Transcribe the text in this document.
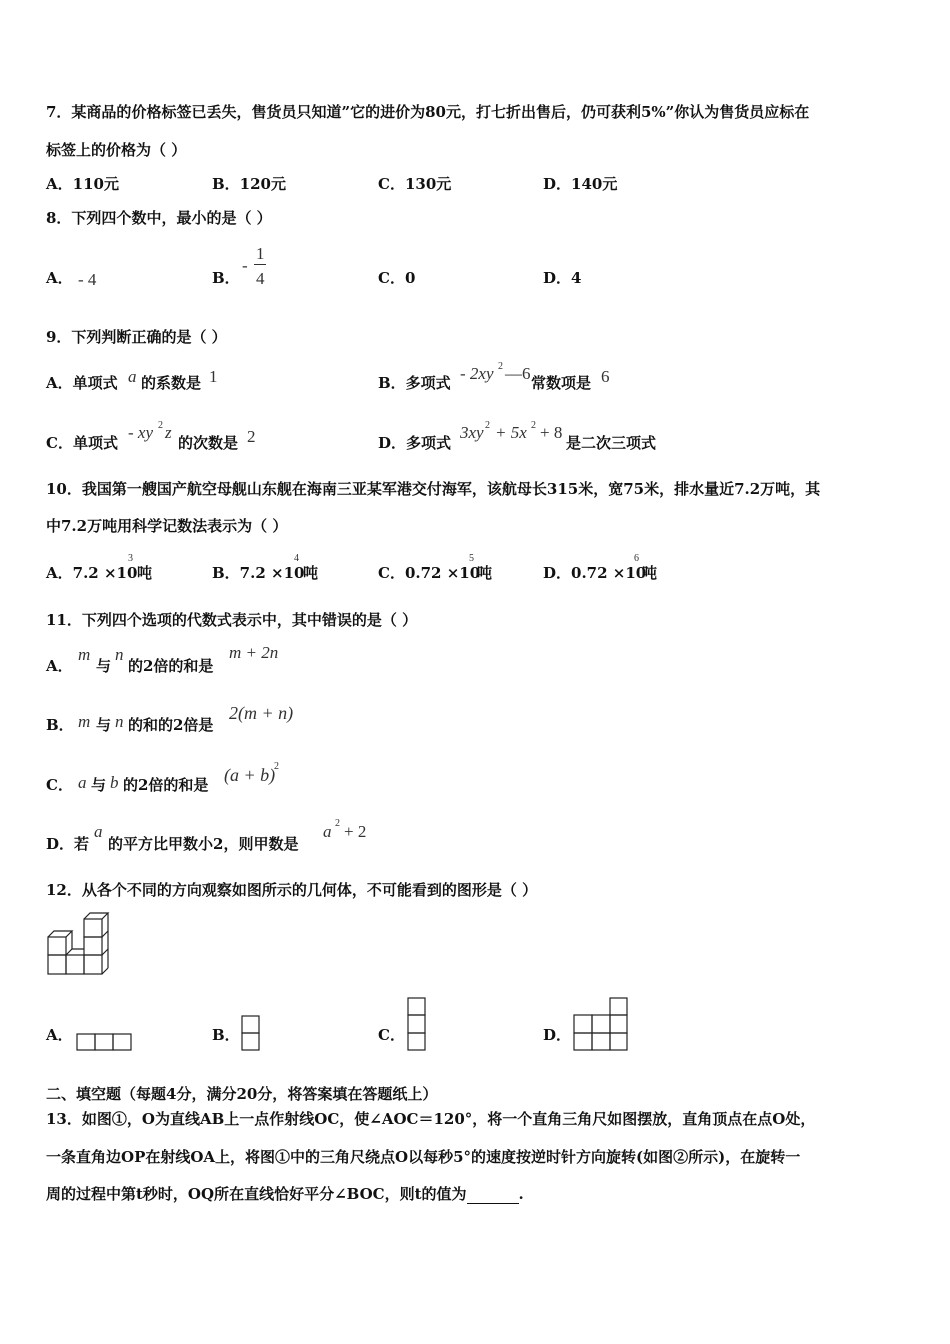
7．某商品的价格标签已丢失，售货员只知道”它的进价为80元，打七折出售后，仍可获利5%”你认为售货员应标在
标签上的价格为（ ）
A．110元	B．120元	C．130元	D．140元
8．下列四个数中，最小的是（ ）
A． - 4	B．
-
1
4	C．0	D．4
9．下列判断正确的是（ ）
A．单项式 a 的系数是 1	B．多项式 - 2xy 2 —6 常数项是 6
C．单项式
- xy 2 z
的次数是 2	D．多项式
3xy 2 + 5x 2 + 8
是二次三项式
10．我国第一艘国产航空母舰山东舰在海南三亚某军港交付海军，该航母长315米，宽75米，排水量近7.2万吨，其
中7.2万吨用科学记数法表示为（ ）
A．7.2 ×10
3
吨	B．7.2 ×10
4
吨	C．0.72 ×10
5
吨	D．0.72 ×10
6
吨
11．下列四个选项的代数式表示中，其中错误的是（ ）
A．
m
与
n
的2倍的和是
m + 2n
B． m 与 n 的和的2倍是
2(m + n)
C． a 与 b 的2倍的和是 (a + b)
2
D．若
a
的平方比甲数小2，则甲数是
a 2 + 2
12．从各个不同的方向观察如图所示的几何体，不可能看到的图形是（ ）
A．	B．	C．	D．
二、填空题（每题4分，满分20分，将答案填在答题纸上）
13．如图①，O为直线AB上一点作射线OC，使∠AOC＝120°，将一个直角三角尺如图摆放，直角顶点在点O处，
一条直角边OP在射线OA上，将图①中的三角尺绕点O以每秒5°的速度按逆时针方向旋转(如图②所示)，在旋转一
周的过程中第t秒时，OQ所在直线恰好平分∠BOC，则t的值为	.
